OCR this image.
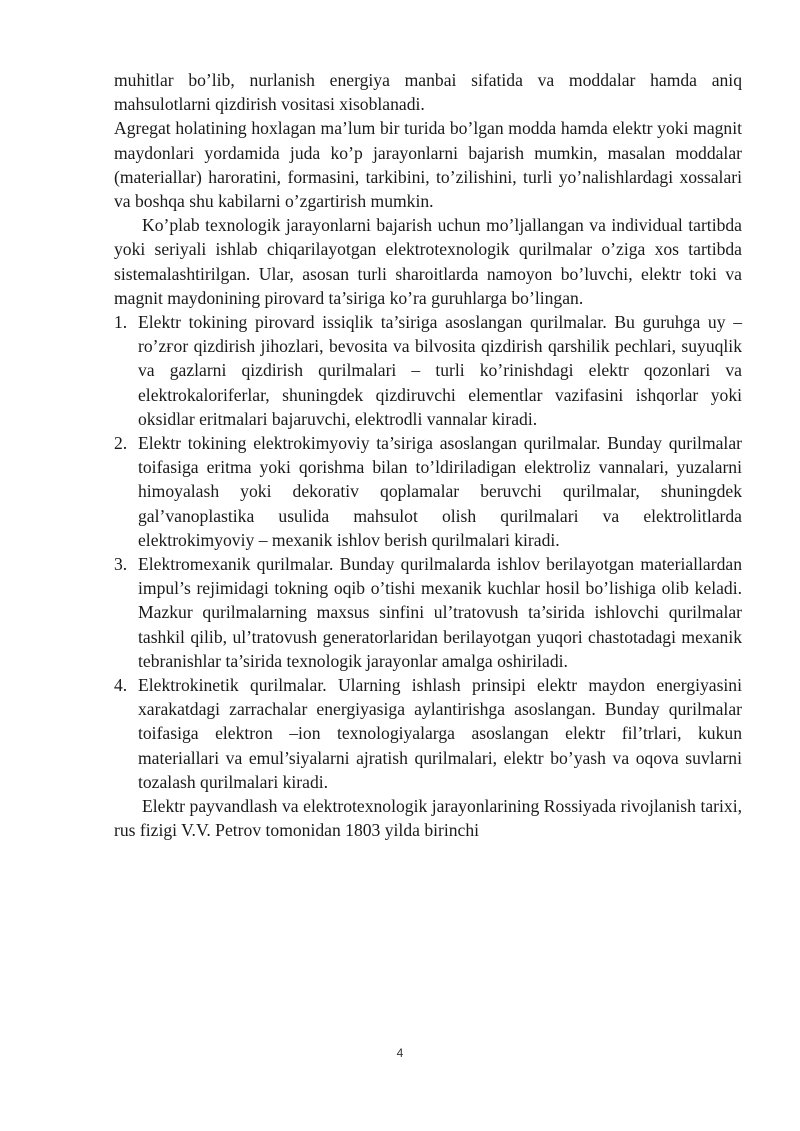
muhitlar bo’lib, nurlanish energiya manbai sifatida va moddalar hamda aniq mahsulotlarni qizdirish vositasi xisoblanadi.

Agregat holatining hoxlagan ma’lum bir turida bo’lgan modda hamda elektr yoki magnit maydonlari yordamida juda ko’p jarayonlarni bajarish mumkin, masalan moddalar (materiallar) haroratini, formasini, tarkibini, to’zilishini, turli yo’nalishlardagi xossalari va boshqa shu kabilarni o’zgartirish mumkin.

Ko’plab texnologik jarayonlarni bajarish uchun mo’ljallangan va individual tartibda yoki seriyali ishlab chiqarilayotgan elektrotexnologik qurilmalar o’ziga xos tartibda sistemalashtirilgan. Ular, asosan turli sharoitlarda namoyon bo’luvchi, elektr toki va magnit maydonining pirovard ta’siriga ko’ra guruhlarga bo’lingan.

1. Elektr tokining pirovard issiqlik ta’siriga asoslangan qurilmalar. Bu guruhga uy –ro’zғor qizdirish jihozlari, bevosita va bilvosita qizdirish qarshilik pechlari, suyuqlik va gazlarni qizdirish qurilmalari – turli ko’rinishdagi elektr qozonlari va elektrokaloriferlar, shuningdek qizdiruvchi elementlar vazifasini ishqorlar yoki oksidlar eritmalari bajaruvchi, elektrodli vannalar kiradi.
2. Elektr tokining elektrokimyoviy ta’siriga asoslangan qurilmalar. Bunday qurilmalar toifasiga eritma yoki qorishma bilan to’ldiriladigan elektroliz vannalari, yuzalarni himoyalash yoki dekorativ qoplamalar beruvchi qurilmalar, shuningdek gal’vanoplastika usulida mahsulot olish qurilmalari va elektrolitlarda elektrokimyoviy – mexanik ishlov berish qurilmalari kiradi.
3. Elektromexanik qurilmalar. Bunday qurilmalarda ishlov berilayotgan materiallardan impul’s rejimidagi tokning oqib o’tishi mexanik kuchlar hosil bo’lishiga olib keladi. Mazkur qurilmalarning maxsus sinfini ul’tratovush ta’sirida ishlovchi qurilmalar tashkil qilib, ul’tratovush generatorlaridan berilayotgan yuqori chastotadagi mexanik tebranishlar ta’sirida texnologik jarayonlar amalga oshiriladi.
4. Elektrokinetik qurilmalar. Ularning ishlash prinsipi elektr maydon energiyasini xarakatdagi zarrachalar energiyasiga aylantirishga asoslangan. Bunday qurilmalar toifasiga elektron –ion texnologiyalarga asoslangan elektr fil’trlari, kukun materiallari va emul’siyalarni ajratish qurilmalari, elektr bo’yash va oqova suvlarni tozalash qurilmalari kiradi.

Elektr payvandlash va elektrotexnologik jarayonlarining Rossiyada rivojlanish tarixi, rus fizigi V.V. Petrov tomonidan 1803 yilda birinchi

4
